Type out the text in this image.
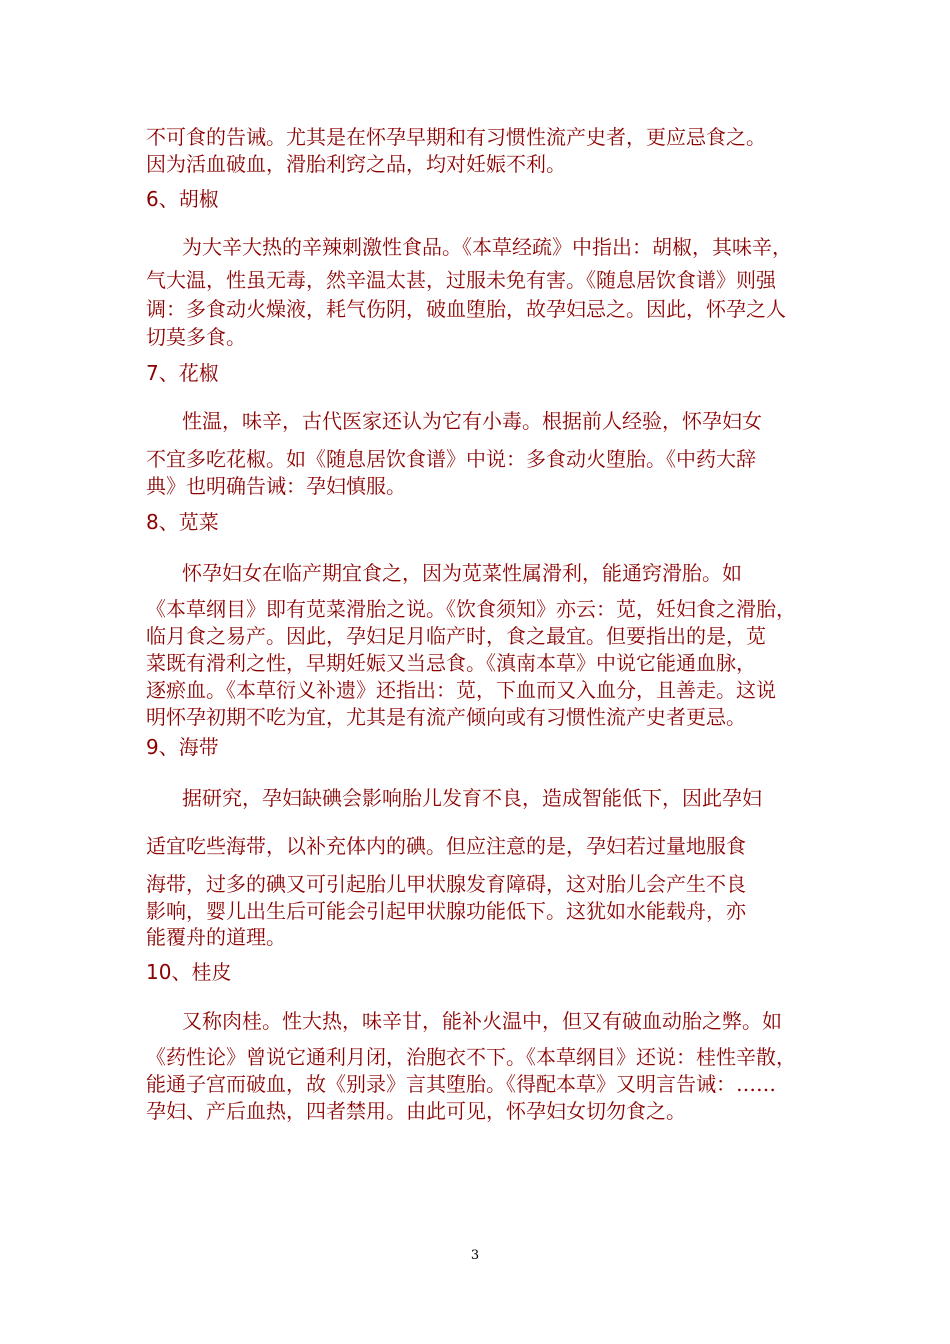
不可食的告诫。尤其是在怀孕早期和有习惯性流产史者，更应忌食之。
因为活血破血，滑胎利窍之品，均对妊娠不利。
6、胡椒
为大辛大热的辛辣刺激性食品。《本草经疏》中指出：胡椒，其味辛，
气大温，性虽无毒，然辛温太甚，过服未免有害。《随息居饮食谱》则强
调：多食动火燥液，耗气伤阴，破血堕胎，故孕妇忌之。因此，怀孕之人
切莫多食。
7、花椒
性温，味辛，古代医家还认为它有小毒。根据前人经验，怀孕妇女
不宜多吃花椒。如《随息居饮食谱》中说：多食动火堕胎。《中药大辞
典》也明确告诫：孕妇慎服。
8、苋菜
怀孕妇女在临产期宜食之，因为苋菜性属滑利，能通窍滑胎。如
《本草纲目》即有苋菜滑胎之说。《饮食须知》亦云：苋，妊妇食之滑胎，
临月食之易产。因此，孕妇足月临产时，食之最宜。但要指出的是，苋
菜既有滑利之性，早期妊娠又当忌食。《滇南本草》中说它能通血脉，
逐瘀血。《本草衍义补遗》还指出：苋，下血而又入血分，且善走。这说
明怀孕初期不吃为宜，尤其是有流产倾向或有习惯性流产史者更忌。
9、海带
据研究，孕妇缺碘会影响胎儿发育不良，造成智能低下，因此孕妇
适宜吃些海带，以补充体内的碘。但应注意的是，孕妇若过量地服食
海带，过多的碘又可引起胎儿甲状腺发育障碍，这对胎儿会产生不良
影响，婴儿出生后可能会引起甲状腺功能低下。这犹如水能载舟，亦
能覆舟的道理。
10、桂皮
又称肉桂。性大热，味辛甘，能补火温中，但又有破血动胎之弊。如
《药性论》曾说它通利月闭，治胞衣不下。《本草纲目》还说：桂性辛散，
能通子宫而破血，故《别录》言其堕胎。《得配本草》又明言告诫：……
孕妇、产后血热，四者禁用。由此可见，怀孕妇女切勿食之。
3
